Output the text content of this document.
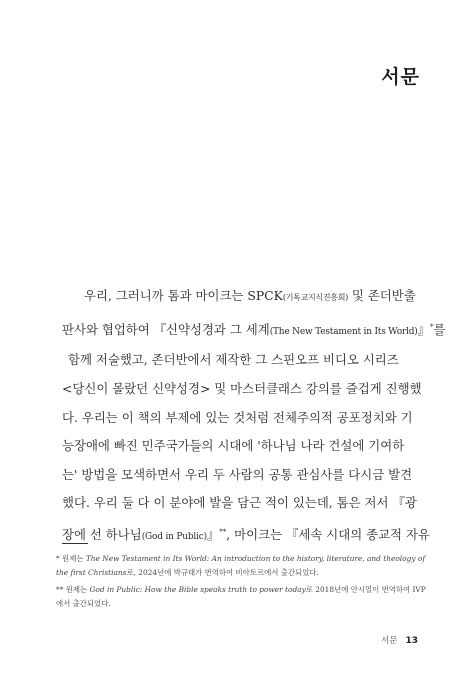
서문
우리, 그러니까 톰과 마이크는 SPCK(기독교지식진흥회) 및 존더반출
판사와 협업하여 『신약성경과 그 세계(The New Testament in Its World)』*를
함께 저술했고, 존더반에서 제작한 그 스핀오프 비디오 시리즈
<당신이 몰랐던 신약성경> 및 마스터클래스 강의를 즐겁게 진행했
다. 우리는 이 책의 부제에 있는 것처럼 전체주의적 공포정치와 기
능장애에 빠진 민주국가들의 시대에 '하나님 나라 건설에 기여하
는' 방법을 모색하면서 우리 두 사람의 공통 관심사를 다시금 발견
했다. 우리 둘 다 이 분야에 발을 담근 적이 있는데, 톰은 저서 『광
장에 선 하나님(God in Public)』**, 마이크는 『세속 시대의 종교적 자유
* 원제는 The New Testament in Its World: An introduction to the history, literature, and theology of the first Christians로, 2024년에 박규태가 번역하여 비아토르에서 출간되었다.
** 원제는 God in Public: How the Bible speaks truth to power today로 2018년에 안시열이 번역하여 IVP에서 출간되었다.
서문 13
